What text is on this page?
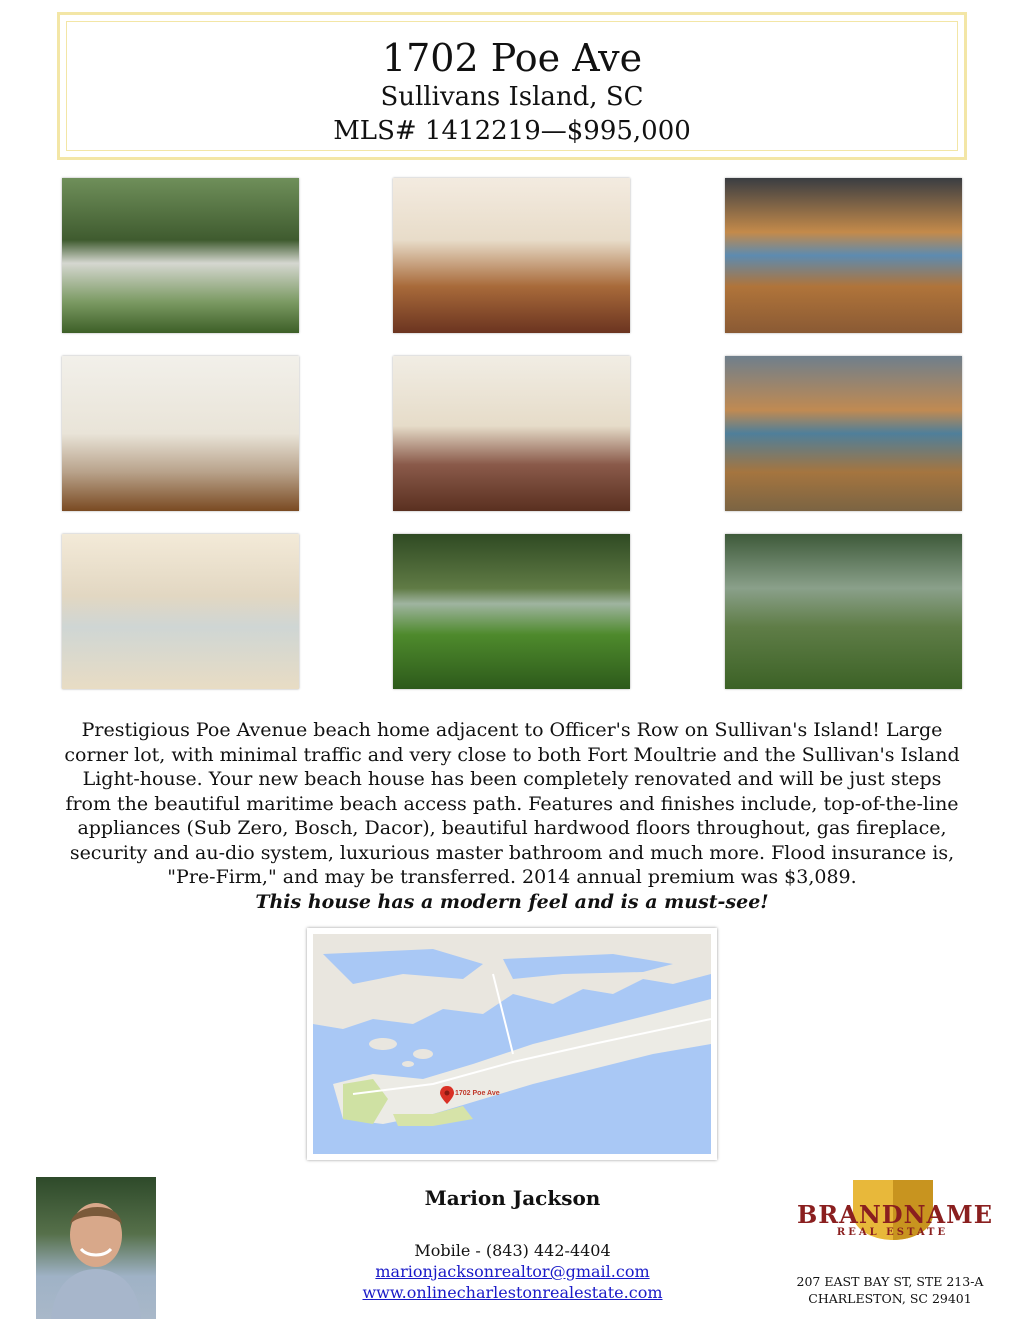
1702 Poe Ave
Sullivans Island, SC
MLS# 1412219—$995,000
Prestigious Poe Avenue beach home adjacent to Officer's Row on Sullivan's Island! Large corner lot, with minimal traffic and very close to both Fort Moultrie and the Sullivan's Island Light-house. Your new beach house has been completely renovated and will be just steps from the beautiful maritime beach access path. Features and finishes include, top-of-the-line appliances (Sub Zero, Bosch, Dacor), beautiful hardwood floors throughout, gas fireplace, security and au-dio system, luxurious master bathroom and much more. Flood insurance is, "Pre-Firm," and may be transferred. 2014 annual premium was $3,089.
This house has a modern feel and is a must-see!
1702 Poe Ave
Marion Jackson
Mobile - (843) 442-4404
marionjacksonrealtor@gmail.com
www.onlinecharlestonrealestate.com
BRANDNAME
REAL ESTATE
207 EAST BAY ST, STE 213-A
CHARLESTON, SC 29401
